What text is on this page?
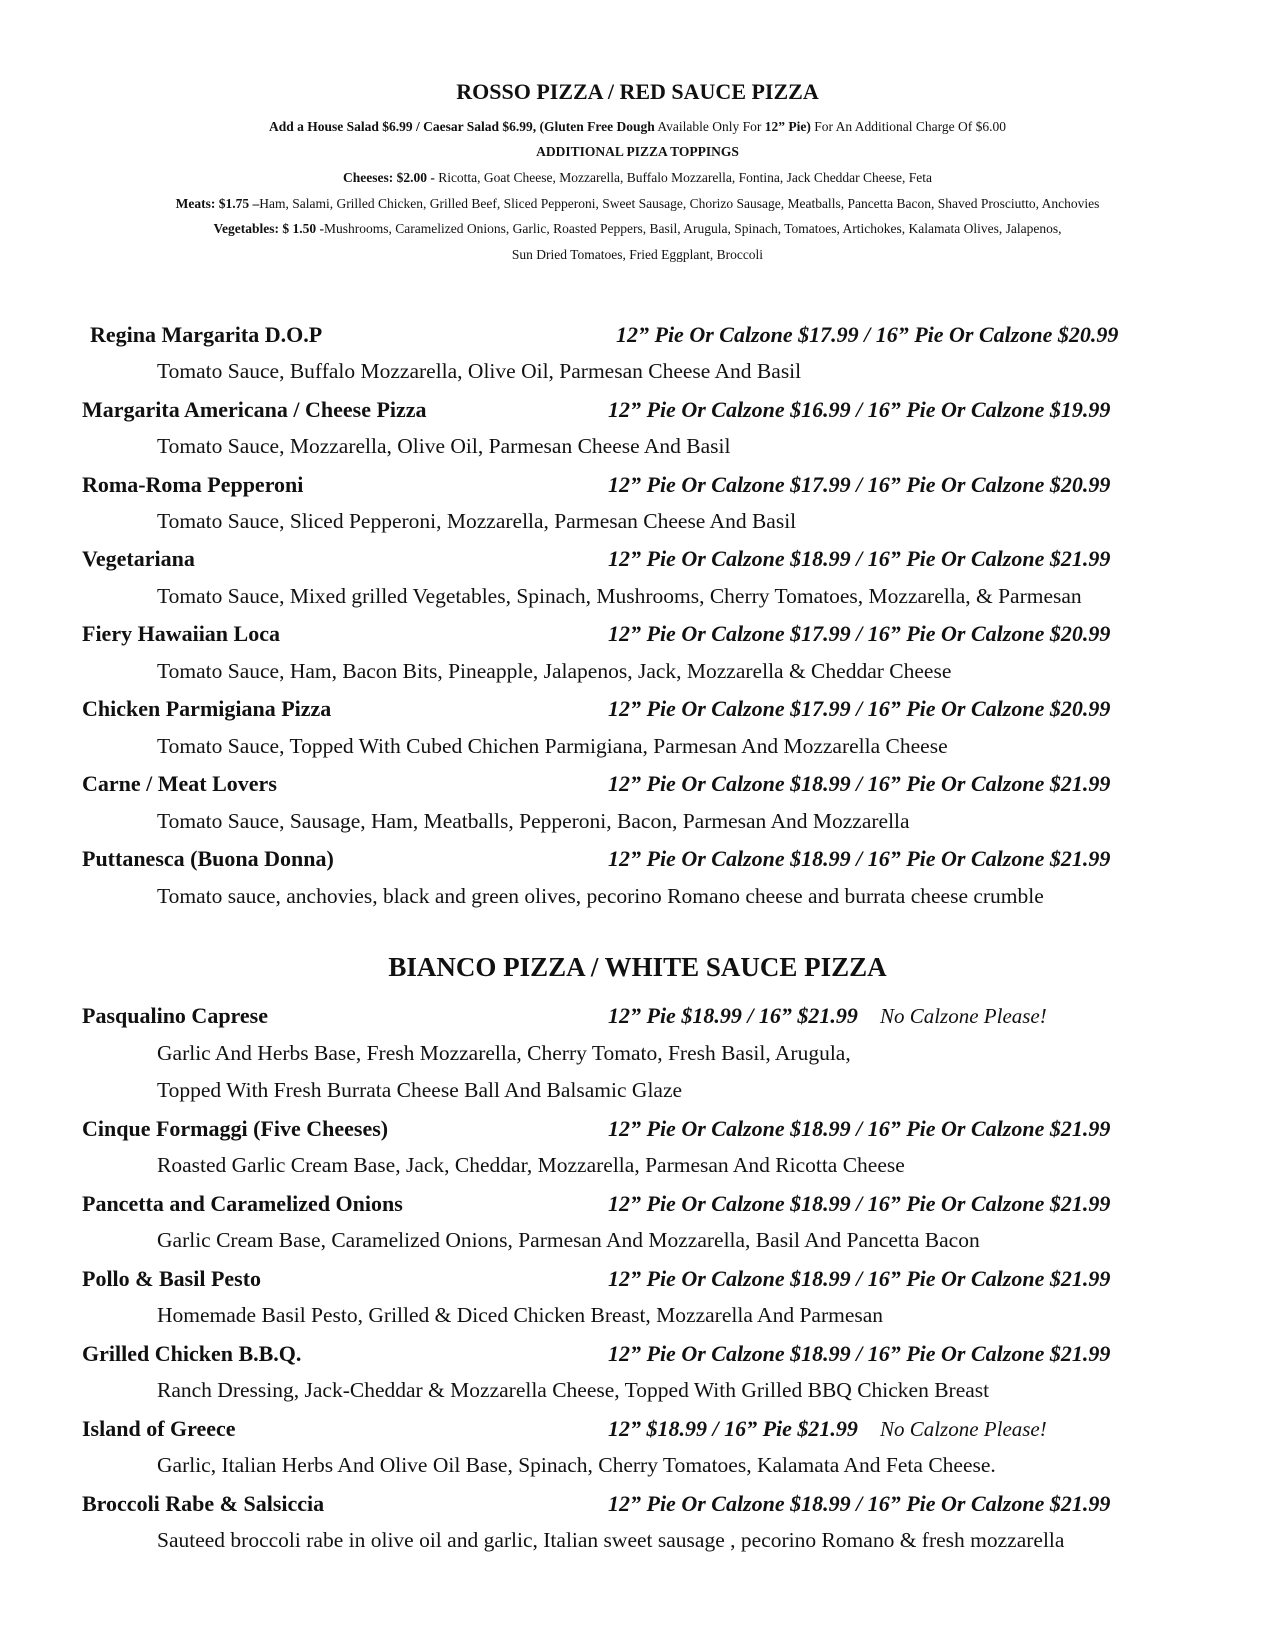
ROSSO PIZZA / RED SAUCE PIZZA
Add a House Salad $6.99 / Caesar Salad $6.99, (Gluten Free Dough Available Only For 12” Pie) For An Additional Charge Of $6.00
ADDITIONAL PIZZA TOPPINGS
Cheeses: $2.00 - Ricotta, Goat Cheese, Mozzarella, Buffalo Mozzarella, Fontina, Jack Cheddar Cheese, Feta
Meats: $1.75 –Ham, Salami, Grilled Chicken, Grilled Beef, Sliced Pepperoni, Sweet Sausage, Chorizo Sausage, Meatballs, Pancetta Bacon, Shaved Prosciutto, Anchovies
Vegetables: $ 1.50 -Mushrooms, Caramelized Onions, Garlic, Roasted Peppers, Basil, Arugula, Spinach, Tomatoes, Artichokes, Kalamata Olives, Jalapenos,
Sun Dried Tomatoes, Fried Eggplant, Broccoli
Regina Margarita D.O.P	12” Pie Or Calzone $17.99 / 16” Pie Or Calzone $20.99
Tomato Sauce, Buffalo Mozzarella, Olive Oil, Parmesan Cheese And Basil
Margarita Americana / Cheese Pizza	12” Pie Or Calzone $16.99 / 16” Pie Or Calzone $19.99
Tomato Sauce, Mozzarella, Olive Oil, Parmesan Cheese And Basil
Roma-Roma Pepperoni	12” Pie Or Calzone $17.99 / 16” Pie Or Calzone $20.99
Tomato Sauce, Sliced Pepperoni, Mozzarella, Parmesan Cheese And Basil
Vegetariana	12” Pie Or Calzone $18.99 / 16” Pie Or Calzone $21.99
Tomato Sauce, Mixed grilled Vegetables, Spinach, Mushrooms, Cherry Tomatoes, Mozzarella, & Parmesan
Fiery Hawaiian Loca	12” Pie Or Calzone $17.99 / 16” Pie Or Calzone $20.99
Tomato Sauce, Ham, Bacon Bits, Pineapple, Jalapenos, Jack, Mozzarella & Cheddar Cheese
Chicken Parmigiana Pizza	12” Pie Or Calzone $17.99 / 16” Pie Or Calzone $20.99
Tomato Sauce, Topped With Cubed Chichen Parmigiana, Parmesan And Mozzarella Cheese
Carne / Meat Lovers	12” Pie Or Calzone $18.99 / 16” Pie Or Calzone $21.99
Tomato Sauce, Sausage, Ham, Meatballs, Pepperoni, Bacon, Parmesan And Mozzarella
Puttanesca (Buona Donna)	12” Pie Or Calzone $18.99 / 16” Pie Or Calzone $21.99
Tomato sauce, anchovies, black and green olives, pecorino Romano cheese and burrata cheese crumble
BIANCO PIZZA / WHITE SAUCE PIZZA
Pasqualino Caprese	12” Pie $18.99 / 16” $21.99 No Calzone Please!
Garlic And Herbs Base, Fresh Mozzarella, Cherry Tomato, Fresh Basil, Arugula,
Topped With Fresh Burrata Cheese Ball And Balsamic Glaze
Cinque Formaggi (Five Cheeses)	12” Pie Or Calzone $18.99 / 16” Pie Or Calzone $21.99
Roasted Garlic Cream Base, Jack, Cheddar, Mozzarella, Parmesan And Ricotta Cheese
Pancetta and Caramelized Onions	12” Pie Or Calzone $18.99 / 16” Pie Or Calzone $21.99
Garlic Cream Base, Caramelized Onions, Parmesan And Mozzarella, Basil And Pancetta Bacon
Pollo & Basil Pesto	12” Pie Or Calzone $18.99 / 16” Pie Or Calzone $21.99
Homemade Basil Pesto, Grilled & Diced Chicken Breast, Mozzarella And Parmesan
Grilled Chicken B.B.Q.	12” Pie Or Calzone $18.99 / 16” Pie Or Calzone $21.99
Ranch Dressing, Jack-Cheddar & Mozzarella Cheese, Topped With Grilled BBQ Chicken Breast
Island of Greece	12” $18.99 / 16” Pie $21.99 No Calzone Please!
Garlic, Italian Herbs And Olive Oil Base, Spinach, Cherry Tomatoes, Kalamata And Feta Cheese.
Broccoli Rabe & Salsiccia	12” Pie Or Calzone $18.99 / 16” Pie Or Calzone $21.99
Sauteed broccoli rabe in olive oil and garlic, Italian sweet sausage , pecorino Romano & fresh mozzarella
